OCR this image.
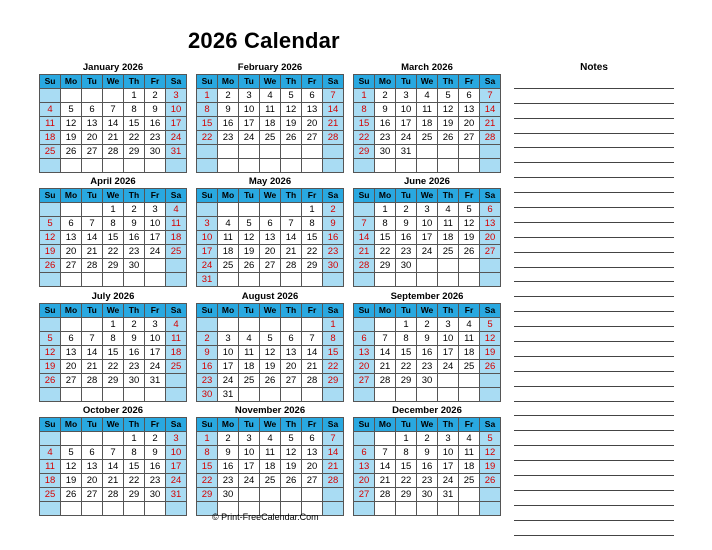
2026 Calendar
January 2026
Su	Mo	Tu	We	Th	Fr	Sa
				1	2	3
4	5	6	7	8	9	10
11	12	13	14	15	16	17
18	19	20	21	22	23	24
25	26	27	28	29	30	31

February 2026
Su	Mo	Tu	We	Th	Fr	Sa
1	2	3	4	5	6	7
8	9	10	11	12	13	14
15	16	17	18	19	20	21
22	23	24	25	26	27	28

March 2026
Su	Mo	Tu	We	Th	Fr	Sa
1	2	3	4	5	6	7
8	9	10	11	12	13	14
15	16	17	18	19	20	21
22	23	24	25	26	27	28
29	30	31				

April 2026
Su	Mo	Tu	We	Th	Fr	Sa
			1	2	3	4
5	6	7	8	9	10	11
12	13	14	15	16	17	18
19	20	21	22	23	24	25
26	27	28	29	30		

May 2026
Su	Mo	Tu	We	Th	Fr	Sa
					1	2
3	4	5	6	7	8	9
10	11	12	13	14	15	16
17	18	19	20	21	22	23
24	25	26	27	28	29	30
31						
June 2026
Su	Mo	Tu	We	Th	Fr	Sa
	1	2	3	4	5	6
7	8	9	10	11	12	13
14	15	16	17	18	19	20
21	22	23	24	25	26	27
28	29	30				

July 2026
Su	Mo	Tu	We	Th	Fr	Sa
			1	2	3	4
5	6	7	8	9	10	11
12	13	14	15	16	17	18
19	20	21	22	23	24	25
26	27	28	29	30	31	

August 2026
Su	Mo	Tu	We	Th	Fr	Sa
						1
2	3	4	5	6	7	8
9	10	11	12	13	14	15
16	17	18	19	20	21	22
23	24	25	26	27	28	29
30	31					
September 2026
Su	Mo	Tu	We	Th	Fr	Sa
		1	2	3	4	5
6	7	8	9	10	11	12
13	14	15	16	17	18	19
20	21	22	23	24	25	26
27	28	29	30			

October 2026
Su	Mo	Tu	We	Th	Fr	Sa
				1	2	3
4	5	6	7	8	9	10
11	12	13	14	15	16	17
18	19	20	21	22	23	24
25	26	27	28	29	30	31

November 2026
Su	Mo	Tu	We	Th	Fr	Sa
1	2	3	4	5	6	7
8	9	10	11	12	13	14
15	16	17	18	19	20	21
22	23	24	25	26	27	28
29	30					

December 2026
Su	Mo	Tu	We	Th	Fr	Sa
		1	2	3	4	5
6	7	8	9	10	11	12
13	14	15	16	17	18	19
20	21	22	23	24	25	26
27	28	29	30	31		

Notes
© Print-FreeCalendar.Com
